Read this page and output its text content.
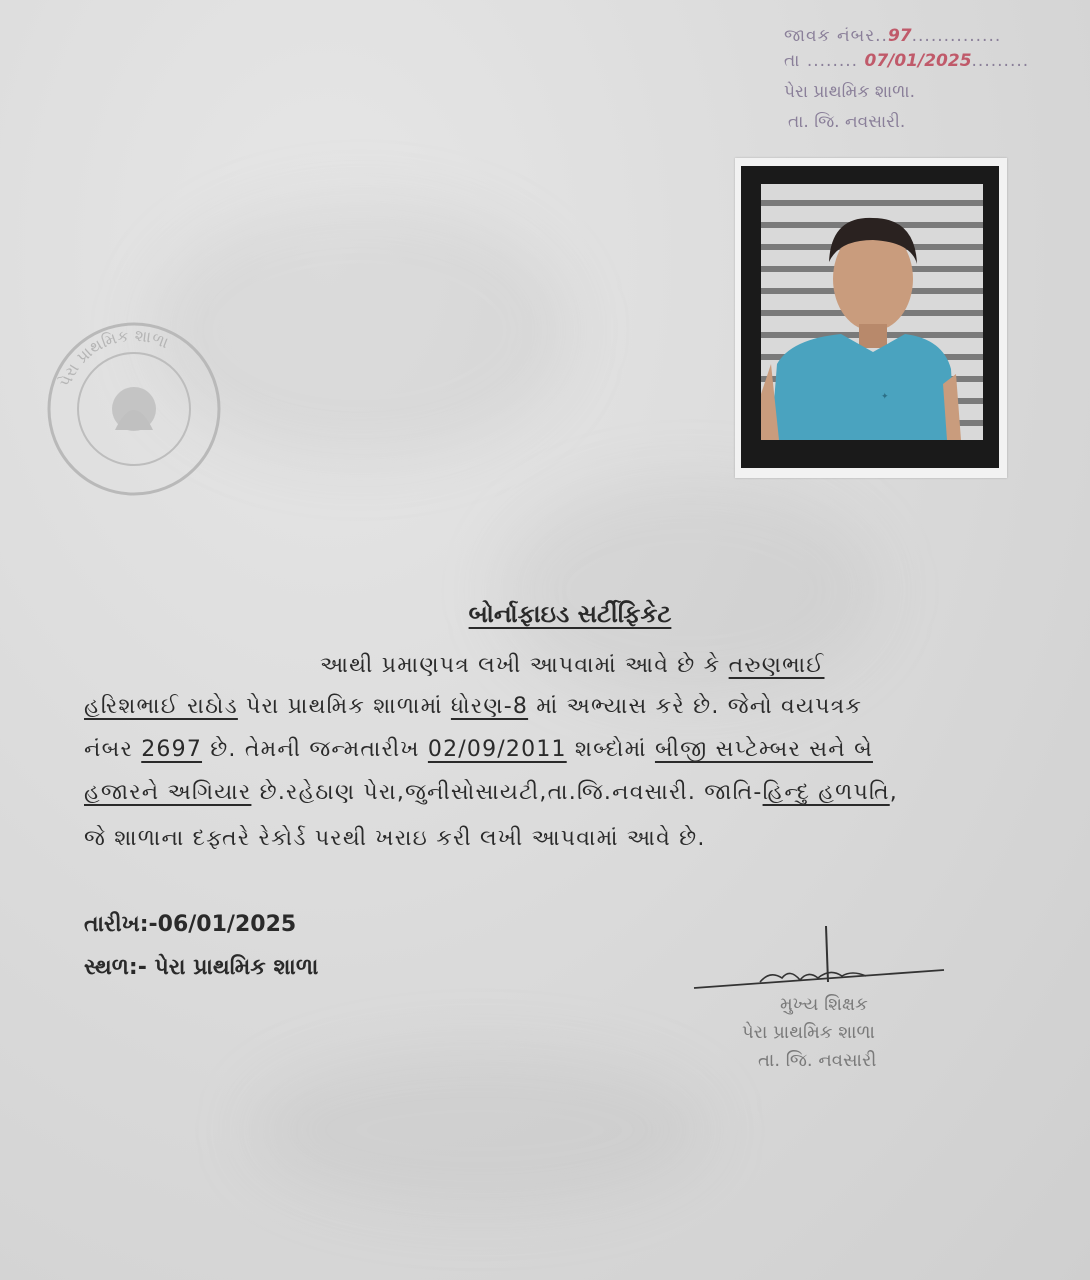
જાવક નંબર..97..............
તા ........ 07/01/2025.........
પેરા પ્રાથમિક શાળા.
તા. જિ. નવસારી.
✦
પેરા પ્રાથમિક શાળા
બોર્નાફાઇડ સર્ટીફિકેટ
આથી પ્રમાણપત્ર લખી આપવામાં આવે છે કે તરુણભાઈ
હરિશભાઈ રાઠોડ પેરા પ્રાથમિક શાળામાં ધોરણ-8 માં અભ્યાસ કરે છે. જેનો વયપત્રક
નંબર 2697 છે. તેમની જન્મતારીખ 02/09/2011 શબ્દોમાં બીજી સપ્ટેમ્બર સને બે
હજારને અગિયાર છે.રહેઠાણ પેરા,જુનીસોસાયટી,તા.જિ.નવસારી. જાતિ-હિન્દુ હળપતિ,
જે શાળાના દફ્તરે રેકોર્ડ પરથી ખરાઇ કરી લખી આપવામાં આવે છે.
તારીખ:-06/01/2025
સ્થળ:- પેરા પ્રાથમિક શાળા
મુખ્ય શિક્ષક
પેરા પ્રાથમિક શાળા
તા. જિ. નવસારી
